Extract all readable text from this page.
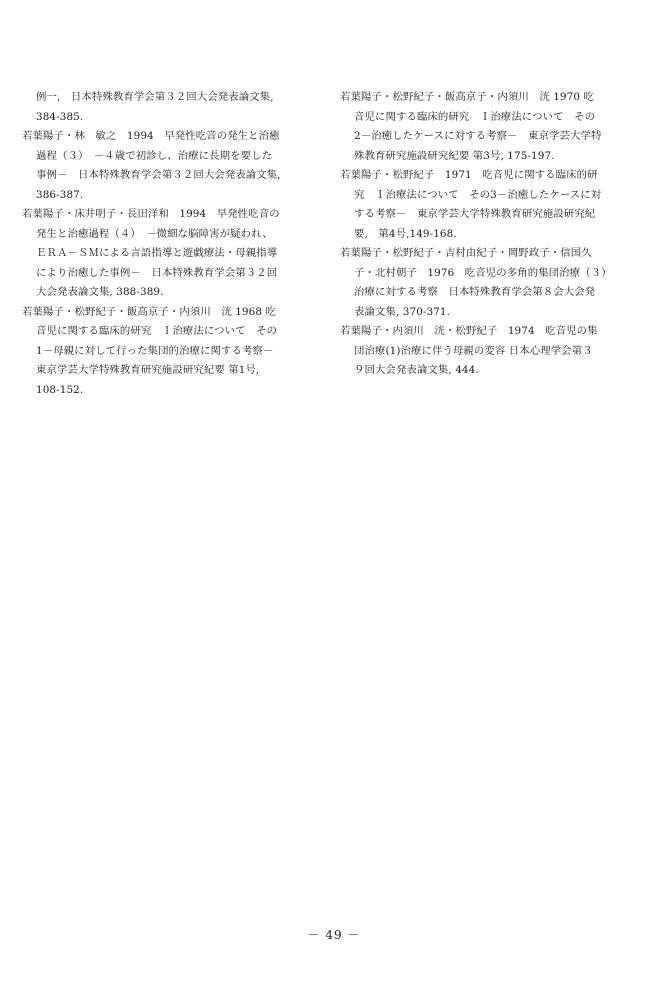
例一,　日本特殊教育学会第３２回大会発表論文集,
384-385.
若葉陽子・林　敏之　1994　早発性吃音の発生と治癒
過程（３）　－４歳で初診し、治療に長期を要した
事例－　日本特殊教育学会第３２回大会発表論文集,
386-387.
若葉陽子・床井明子・長田洋和　1994　早発性吃音の
発生と治癒過程（４）　－微細な脳障害が疑われ、
ＥＲＡ－ＳＭによる言語指導と遊戯療法・母親指導
により治癒した事例－　日本特殊教育学会第３２回
大会発表論文集, 388-389.
若葉陽子・松野紀子・飯高京子・内須川　洸 1968 吃
音児に関する臨床的研究　Ｉ治療法について　その
1－母親に対して行った集団的治療に関する考察－
東京学芸大学特殊教育研究施設研究紀要 第1号,
108-152.
若葉陽子・松野紀子・飯高京子・内須川　洸 1970 吃
音児に関する臨床的研究　Ｉ治療法について　その
2－治癒したケースに対する考察－　東京学芸大学特
殊教育研究施設研究紀要 第3号, 175-197.
若葉陽子・松野紀子　1971　吃音児に関する臨床的研
究　Ｉ治療法について　その3－治癒したケースに対
する考察－　東京学芸大学特殊教育研究施設研究紀
要,　第4号,149-168.
若葉陽子・松野紀子・吉村由紀子・岡野政子・信国久
子・北村朝子　1976　吃音児の多角的集団治療（３）
治療に対する考察　日本特殊教育学会第８会大会発
表論文集, 370-371.
若葉陽子・内須川　洸・松野紀子　1974　吃音児の集
団治療(1)治療に伴う母親の変容 日本心理学会第３
９回大会発表論文集, 444.
－ 49 －
